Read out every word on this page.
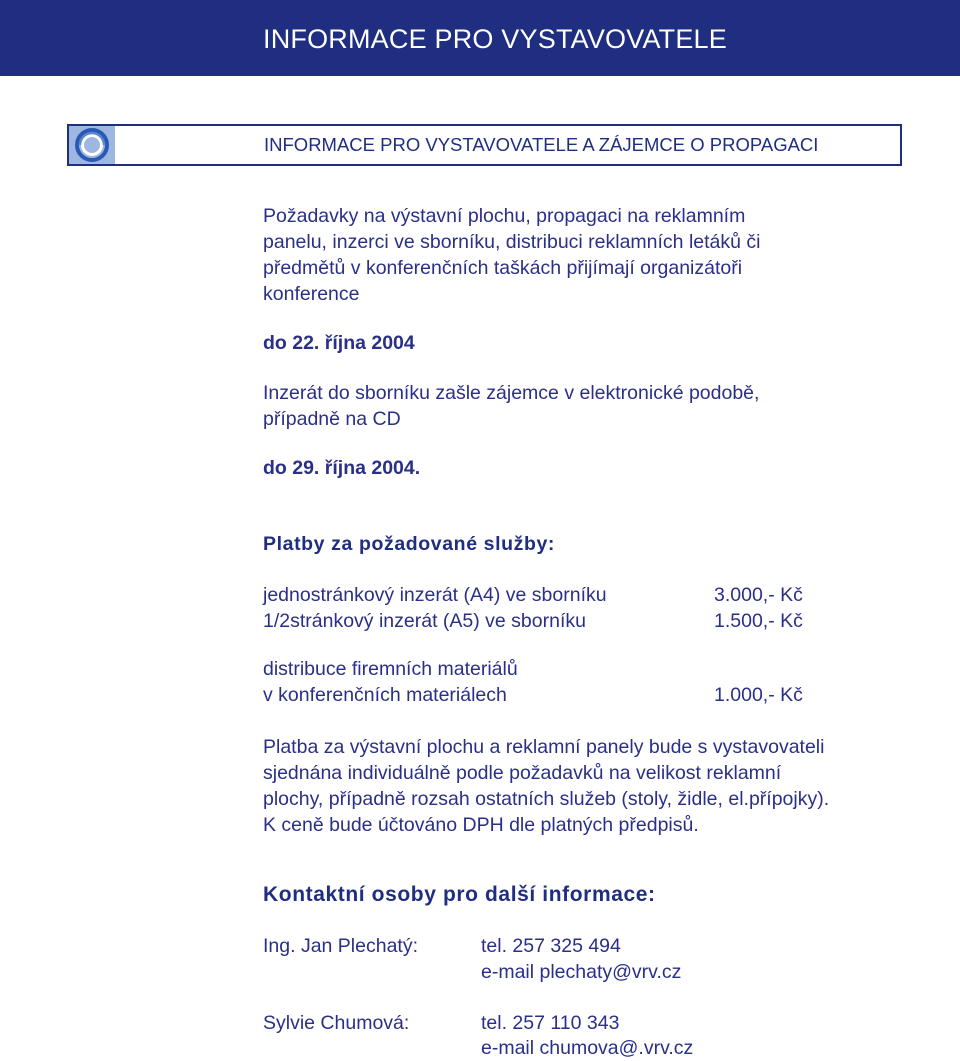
INFORMACE PRO VYSTAVOVATELE
INFORMACE PRO VYSTAVOVATELE A ZÁJEMCE O PROPAGACI
Požadavky na výstavní plochu, propagaci na reklamním
panelu, inzerci ve sborníku, distribuci reklamních letáků či
předmětů v konferenčních taškách přijímají organizátoři
konference
do 22. října 2004
Inzerát do sborníku zašle zájemce v elektronické podobě,
případně na CD
do 29. října 2004.
Platby za požadované služby:
jednostránkový inzerát (A4) ve sborníku	3.000,- Kč
1/2stránkový inzerát (A5) ve sborníku	1.500,- Kč
distribuce firemních materiálů
v konferenčních materiálech	1.000,- Kč
Platba za výstavní plochu a reklamní panely bude s vystavovateli
sjednána individuálně podle požadavků na velikost reklamní
plochy, případně rozsah ostatních služeb (stoly, židle, el.přípojky).
K ceně bude účtováno DPH dle platných předpisů.
Kontaktní osoby pro další informace:
Ing. Jan Plechatý:	tel. 257 325 494
e-mail plechaty@vrv.cz
Sylvie Chumová:	tel. 257 110 343
e-mail chumova@.vrv.cz
